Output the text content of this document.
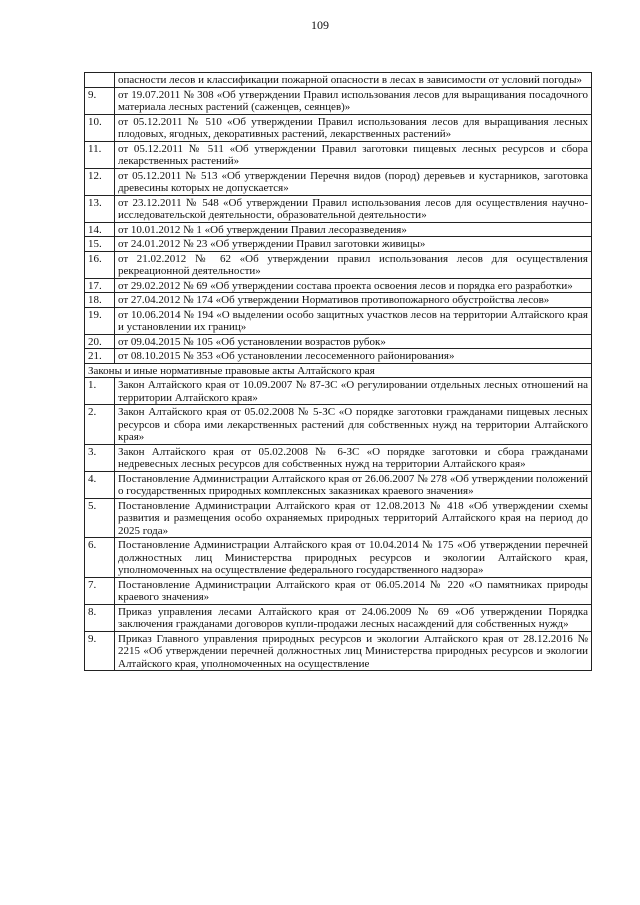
109
	опасности лесов и классификации пожарной опасности в лесах в зависимости от условий погоды»
9.	от 19.07.2011 № 308 «Об утверждении Правил использования лесов для выращивания посадочного материала лесных растений (саженцев, сеянцев)»
10.	от 05.12.2011 № 510 «Об утверждении Правил использования лесов для выращивания лесных плодовых, ягодных, декоративных растений, лекарственных растений»
11.	от 05.12.2011 № 511 «Об утверждении Правил заготовки пищевых лесных ресурсов и сбора лекарственных растений»
12.	от 05.12.2011 № 513 «Об утверждении Перечня видов (пород) деревьев и кустарников, заготовка древесины которых не допускается»
13.	от 23.12.2011 № 548 «Об утверждении Правил использования лесов для осуществления научно-исследовательской деятельности, образовательной деятельности»
14.	от 10.01.2012 № 1 «Об утверждении Правил лесоразведения»
15.	от 24.01.2012 № 23 «Об утверждении Правил заготовки живицы»
16.	от 21.02.2012 № 62 «Об утверждении правил использования лесов для осуществления рекреационной деятельности»
17.	от 29.02.2012 № 69 «Об утверждении состава проекта освоения лесов и порядка его разработки»
18.	от 27.04.2012 № 174 «Об утверждении Нормативов противопожарного обустройства лесов»
19.	от 10.06.2014 № 194 «О выделении особо защитных участков лесов на территории Алтайского края и установлении их границ»
20.	от 09.04.2015 № 105 «Об установлении возрастов рубок»
21.	от 08.10.2015 № 353 «Об установлении лесосеменного районирования»
Законы и иные нормативные правовые акты Алтайского края	
1.	Закон Алтайского края от 10.09.2007 № 87-ЗС «О регулировании отдельных лесных отношений на территории Алтайского края»
2.	Закон Алтайского края от 05.02.2008 № 5-ЗС «О порядке заготовки гражданами пищевых лесных ресурсов и сбора ими лекарственных растений для собственных нужд на территории Алтайского края»
3.	Закон Алтайского края от 05.02.2008 № 6-ЗС «О порядке заготовки и сбора гражданами недревесных лесных ресурсов для собственных нужд на территории Алтайского края»
4.	Постановление Администрации Алтайского края от 26.06.2007 № 278 «Об утверждении положений о государственных природных комплексных заказниках краевого значения»
5.	Постановление Администрации Алтайского края от 12.08.2013 № 418 «Об утверждении схемы развития и размещения особо охраняемых природных территорий Алтайского края на период до 2025 года»
6.	Постановление Администрации Алтайского края от 10.04.2014 № 175 «Об утверждении перечней должностных лиц Министерства природных ресурсов и экологии Алтайского края, уполномоченных на осуществление федерального государственного надзора»
7.	Постановление Администрации Алтайского края от 06.05.2014 № 220 «О памятниках природы краевого значения»
8.	Приказ управления лесами Алтайского края от 24.06.2009 № 69 «Об утверждении Порядка заключения гражданами договоров купли-продажи лесных насаждений для собственных нужд»
9.	Приказ Главного управления природных ресурсов и экологии Алтайского края от 28.12.2016 № 2215 «Об утверждении перечней должностных лиц Министерства природных ресурсов и экологии Алтайского края, уполномоченных на осуществление
